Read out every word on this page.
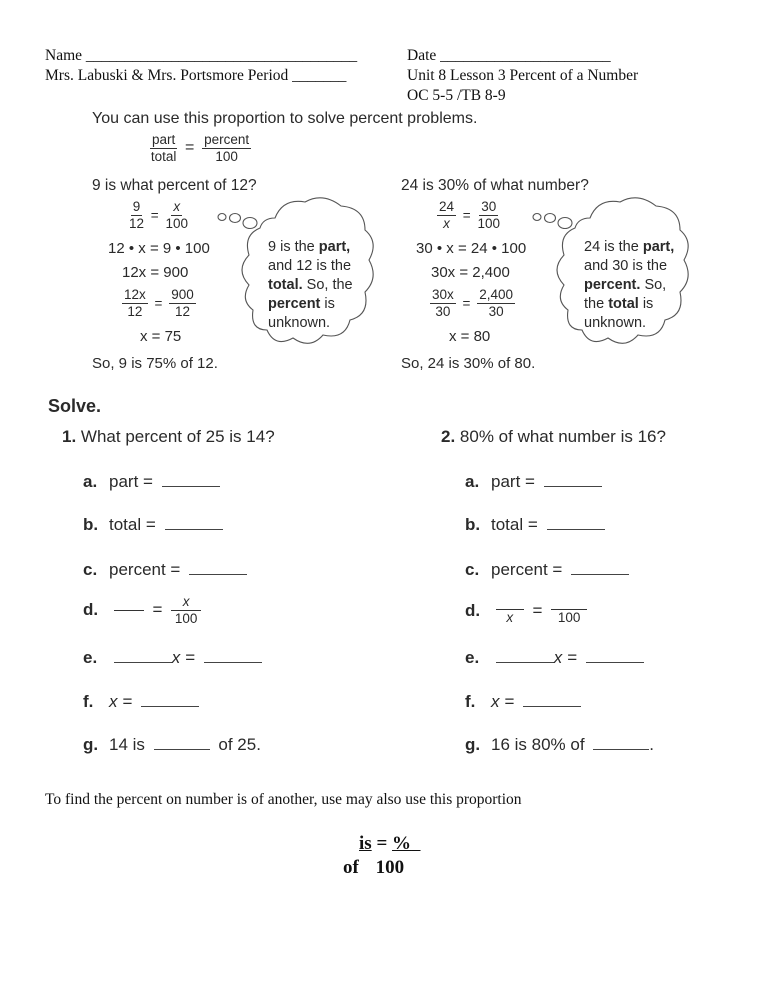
Name ___________________________________
Mrs. Labuski & Mrs. Portsmore Period _______
Date ______________________
Unit 8 Lesson 3 Percent of a Number
OC 5-5 /TB 8-9
You can use this proportion to solve percent problems.
$\frac{\text{part}}{\text{total}} = \frac{\text{percent}}{100}$
9 is what percent of 12?
$\frac{9}{12} = \frac{x}{100}$
12 • x = 9 • 100
12x = 900
$\frac{12x}{12} = \frac{900}{12}$
x = 75
So, 9 is 75% of 12.
9 is the part,
and 12 is the
total. So, the
percent is
unknown.
24 is 30% of what number?
$\frac{24}{x} = \frac{30}{100}$
30 • x = 24 • 100
30x = 2,400
$\frac{30x}{30} = \frac{2,400}{30}$
x = 80
So, 24 is 30% of 80.
24 is the part,
and 30 is the
percent. So,
the total is
unknown.
Solve.
1. What percent of 25 is 14?
a. part =
b. total =
c. percent =
d.	= $\frac{x}{100}$
e.	x =
f. x =
g. 14 is	of 25.
2. 80% of what number is 16?
a. part =
b. total =
c. percent =
d. x = 100
e.	x =
f. x =
g. 16 is 80% of	.
To find the percent on number is of another, use may also use this proportion
is = %
of 100
